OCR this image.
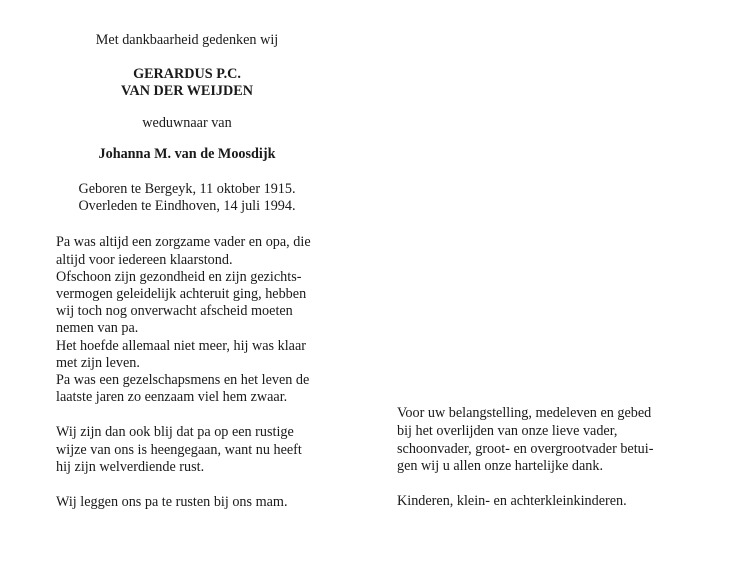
Met dankbaarheid gedenken wij
GERARDUS P.C.
VAN DER WEIJDEN
weduwnaar van
Johanna M. van de Moosdijk
Geboren te Bergeyk, 11 oktober 1915.
Overleden te Eindhoven, 14 juli 1994.
Pa was altijd een zorgzame vader en opa, die
altijd voor iedereen klaarstond.
Ofschoon zijn gezondheid en zijn gezichts-
vermogen geleidelijk achteruit ging, hebben
wij toch nog onverwacht afscheid moeten
nemen van pa.
Het hoefde allemaal niet meer, hij was klaar
met zijn leven.
Pa was een gezelschapsmens en het leven de
laatste jaren zo eenzaam viel hem zwaar.
Wij zijn dan ook blij dat pa op een rustige
wijze van ons is heengegaan, want nu heeft
hij zijn welverdiende rust.
Wij leggen ons pa te rusten bij ons mam.
Voor uw belangstelling, medeleven en gebed
bij het overlijden van onze lieve vader,
schoonvader, groot- en overgrootvader betui-
gen wij u allen onze hartelijke dank.
Kinderen, klein- en achterkleinkinderen.
